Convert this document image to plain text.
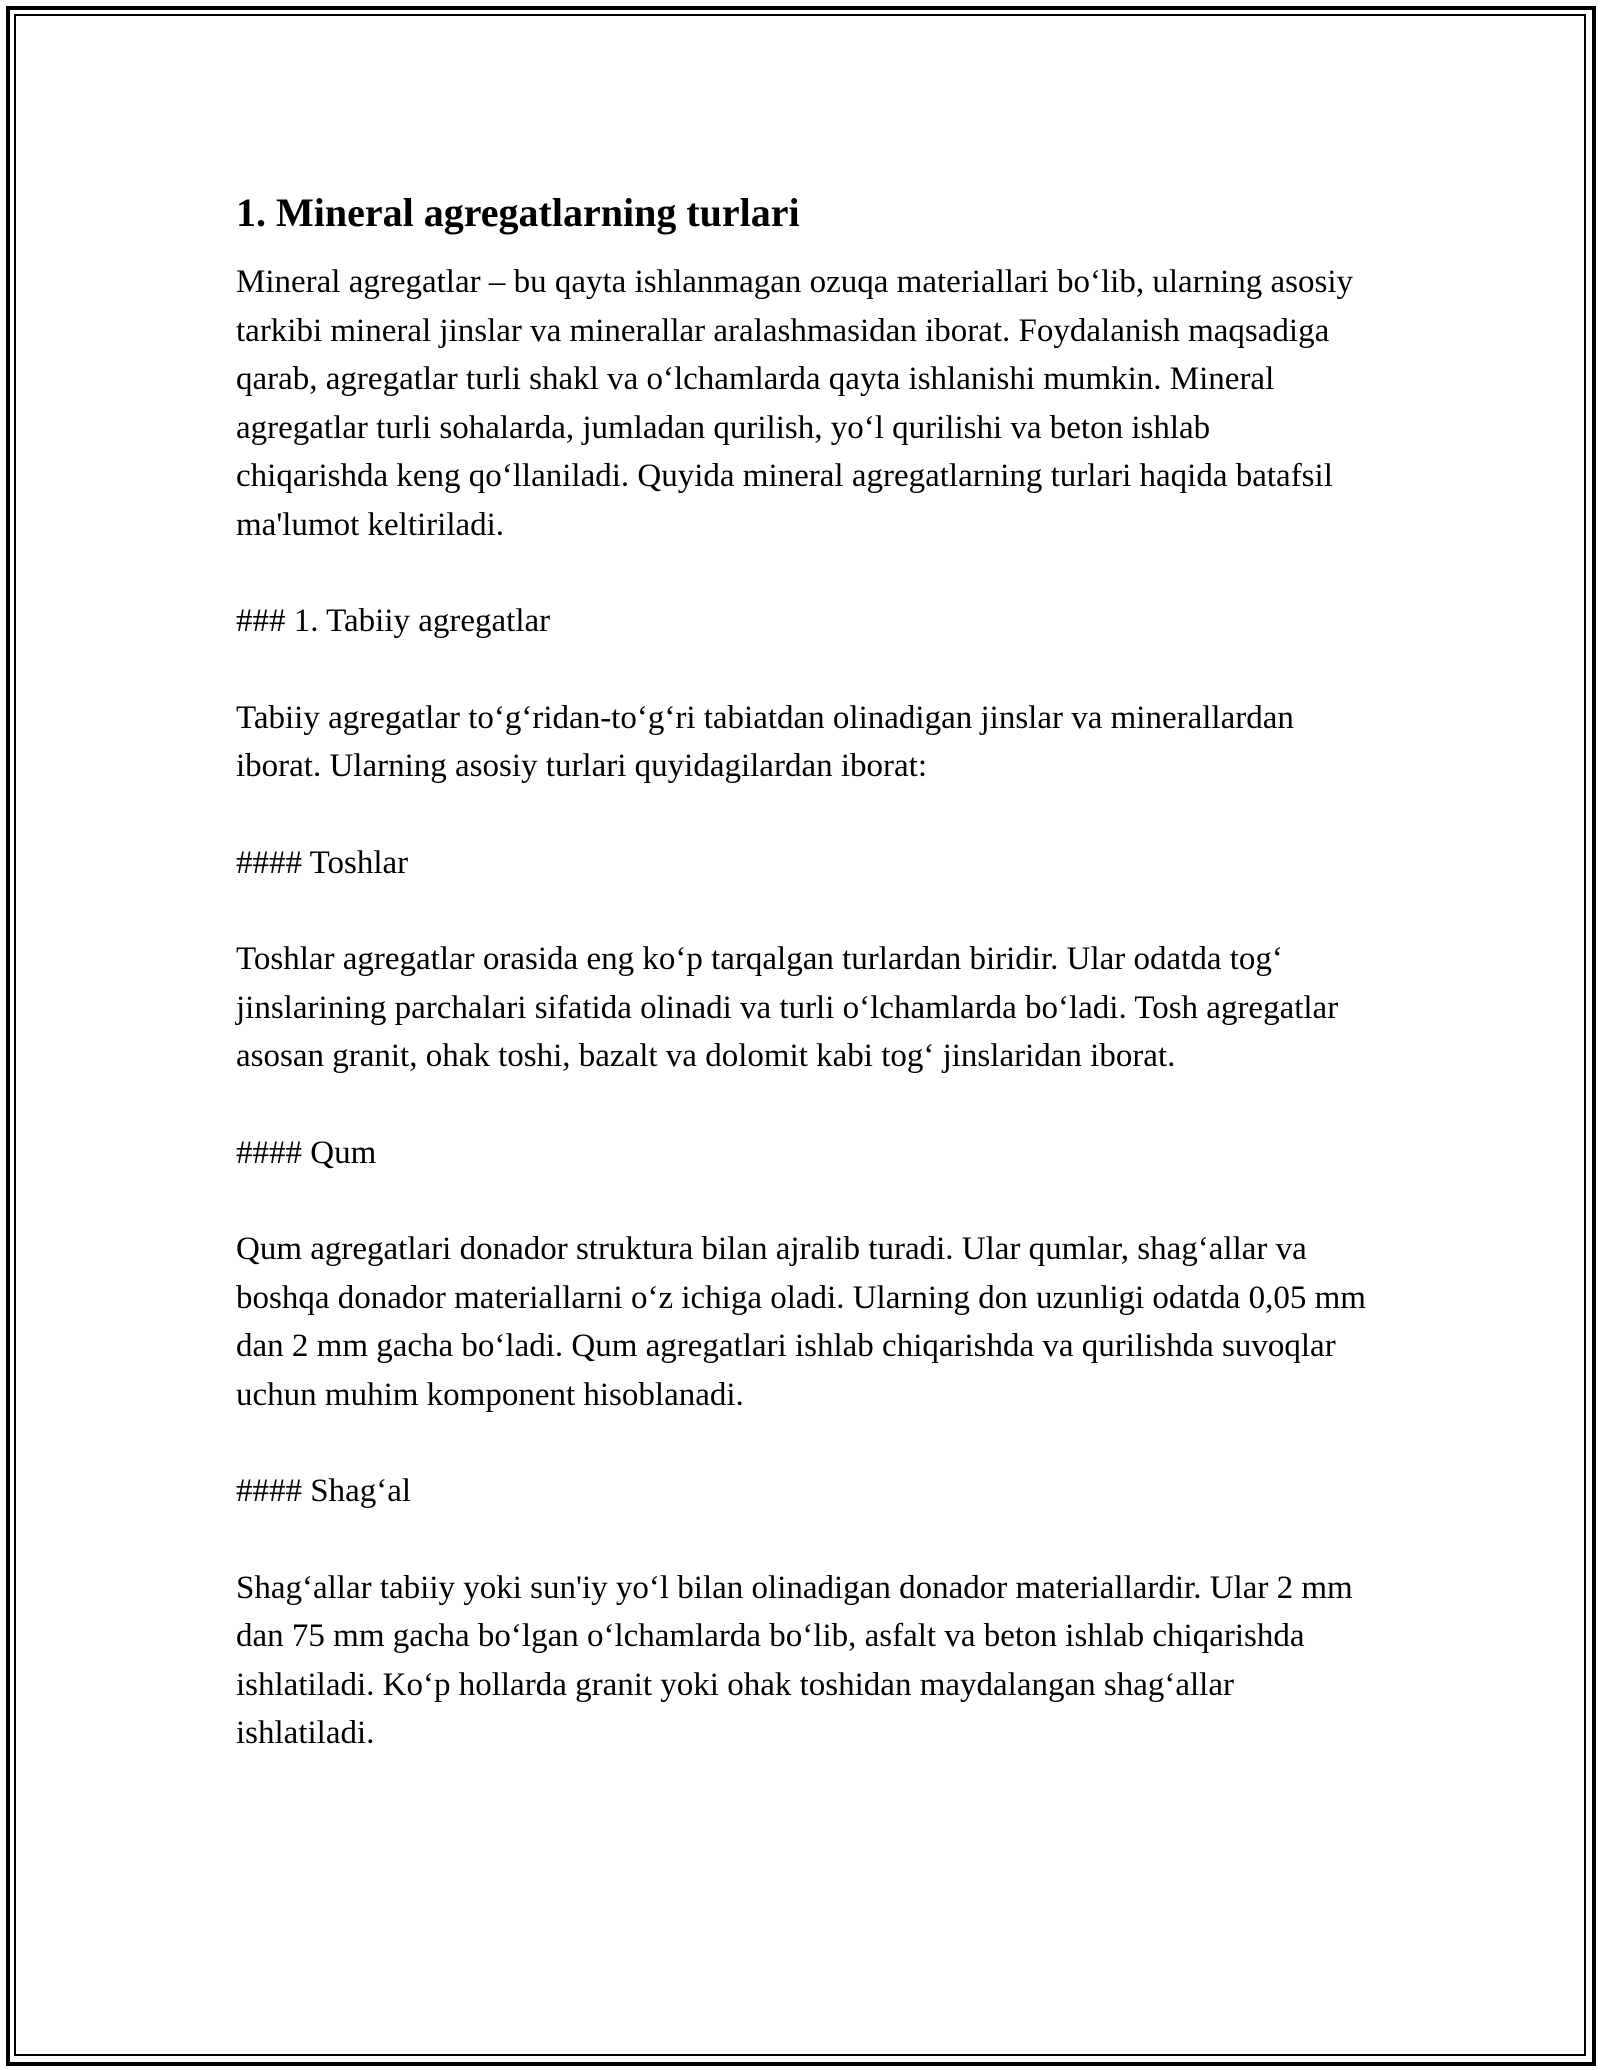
1. Mineral agregatlarning turlari

Mineral agregatlar – bu qayta ishlanmagan ozuqa materiallari bo‘lib, ularning asosiy tarkibi mineral jinslar va minerallar aralashmasidan iborat. Foydalanish maqsadiga qarab, agregatlar turli shakl va o‘lchamlarda qayta ishlanishi mumkin. Mineral agregatlar turli sohalarda, jumladan qurilish, yo‘l qurilishi va beton ishlab chiqarishda keng qo‘llaniladi. Quyida mineral agregatlarning turlari haqida batafsil ma'lumot keltiriladi.

### 1. Tabiiy agregatlar

Tabiiy agregatlar to‘g‘ridan-to‘g‘ri tabiatdan olinadigan jinslar va minerallardan iborat. Ularning asosiy turlari quyidagilardan iborat:

#### Toshlar

Toshlar agregatlar orasida eng ko‘p tarqalgan turlardan biridir. Ular odatda tog‘ jinslarining parchalari sifatida olinadi va turli o‘lchamlarda bo‘ladi. Tosh agregatlar asosan granit, ohak toshi, bazalt va dolomit kabi tog‘ jinslaridan iborat.

#### Qum

Qum agregatlari donador struktura bilan ajralib turadi. Ular qumlar, shag‘allar va boshqa donador materiallarni o‘z ichiga oladi. Ularning don uzunligi odatda 0,05 mm dan 2 mm gacha bo‘ladi. Qum agregatlari ishlab chiqarishda va qurilishda suvoqlar uchun muhim komponent hisoblanadi.

#### Shag‘al

Shag‘allar tabiiy yoki sun'iy yo‘l bilan olinadigan donador materiallardir. Ular 2 mm dan 75 mm gacha bo‘lgan o‘lchamlarda bo‘lib, asfalt va beton ishlab chiqarishda ishlatiladi. Ko‘p hollarda granit yoki ohak toshidan maydalangan shag‘allar ishlatiladi.
